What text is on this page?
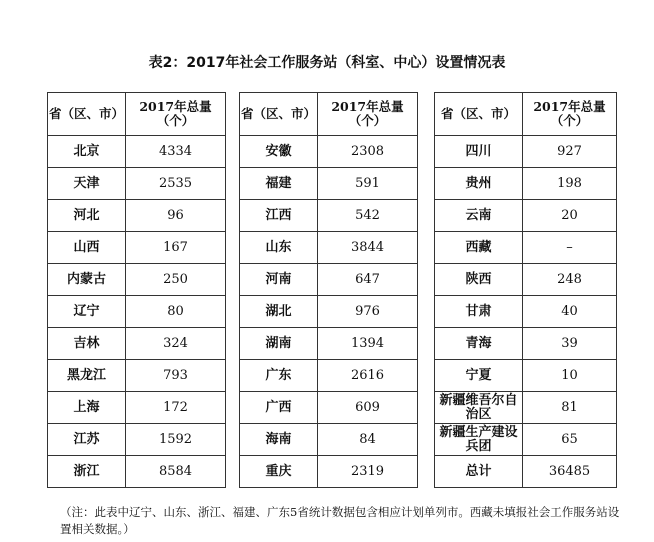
表2：2017年社会工作服务站（科室、中心）设置情况表
省（区、市）	2017年总量（个）
北京	4334
天津	2535
河北	96
山西	167
内蒙古	250
辽宁	80
吉林	324
黑龙江	793
上海	172
江苏	1592
浙江	8584
省（区、市）	2017年总量（个）
安徽	2308
福建	591
江西	542
山东	3844
河南	647
湖北	976
湖南	1394
广东	2616
广西	609
海南	84
重庆	2319
省（区、市）	2017年总量（个）
四川	927
贵州	198
云南	20
西藏	–
陕西	248
甘肃	40
青海	39
宁夏	10
新疆维吾尔自治区	81
新疆生产建设兵团	65
总计	36485
（注：此表中辽宁、山东、浙江、福建、广东5省统计数据包含相应计划单列市。西藏未填报社会工作服务站设置相关数据。）
